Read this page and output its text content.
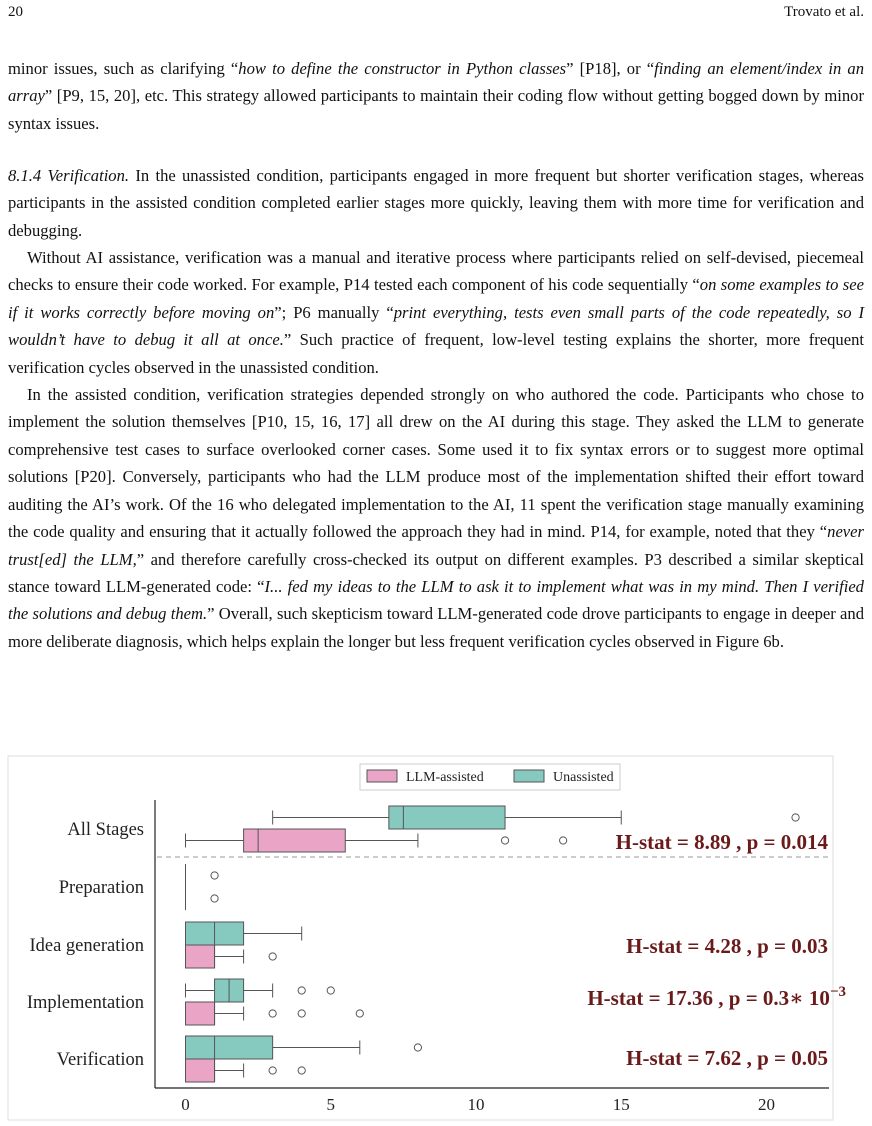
20	Trovato et al.

minor issues, such as clarifying “how to define the constructor in Python classes” [P18], or “finding an element/index in an array” [P9, 15, 20], etc. This strategy allowed participants to maintain their coding flow without getting bogged down by minor syntax issues.

8.1.4 Verification. In the unassisted condition, participants engaged in more frequent but shorter verification stages, whereas participants in the assisted condition completed earlier stages more quickly, leaving them with more time for verification and debugging.

Without AI assistance, verification was a manual and iterative process where participants relied on self-devised, piecemeal checks to ensure their code worked. For example, P14 tested each component of his code sequentially “on some examples to see if it works correctly before moving on”; P6 manually “print everything, tests even small parts of the code repeatedly, so I wouldn’t have to debug it all at once.” Such practice of frequent, low-level testing explains the shorter, more frequent verification cycles observed in the unassisted condition.

In the assisted condition, verification strategies depended strongly on who authored the code. Participants who chose to implement the solution themselves [P10, 15, 16, 17] all drew on the AI during this stage. They asked the LLM to generate comprehensive test cases to surface overlooked corner cases. Some used it to fix syntax errors or to suggest more optimal solutions [P20]. Conversely, participants who had the LLM produce most of the implementation shifted their effort toward auditing the AI’s work. Of the 16 who delegated implementation to the AI, 11 spent the verification stage manually examining the code quality and ensuring that it actually followed the approach they had in mind. P14, for example, noted that they “never trust[ed] the LLM,” and therefore carefully cross-checked its output on different examples. P3 described a similar skeptical stance toward LLM-generated code: “I... fed my ideas to the LLM to ask it to implement what was in my mind. Then I verified the solutions and debug them.” Overall, such skepticism toward LLM-generated code drove participants to engage in deeper and more deliberate diagnosis, which helps explain the longer but less frequent verification cycles observed in Figure 6b.

LLM-assisted	Unassisted
0	5	10	15	20
All Stages
Preparation
Idea generation
Implementation
Verification
H-stat = 8.89 , p = 0.014
H-stat = 4.28 , p = 0.03
H-stat = 17.36 , p = 0.3∗ $10^{-3}$
H-stat = 7.62 , p = 0.05
